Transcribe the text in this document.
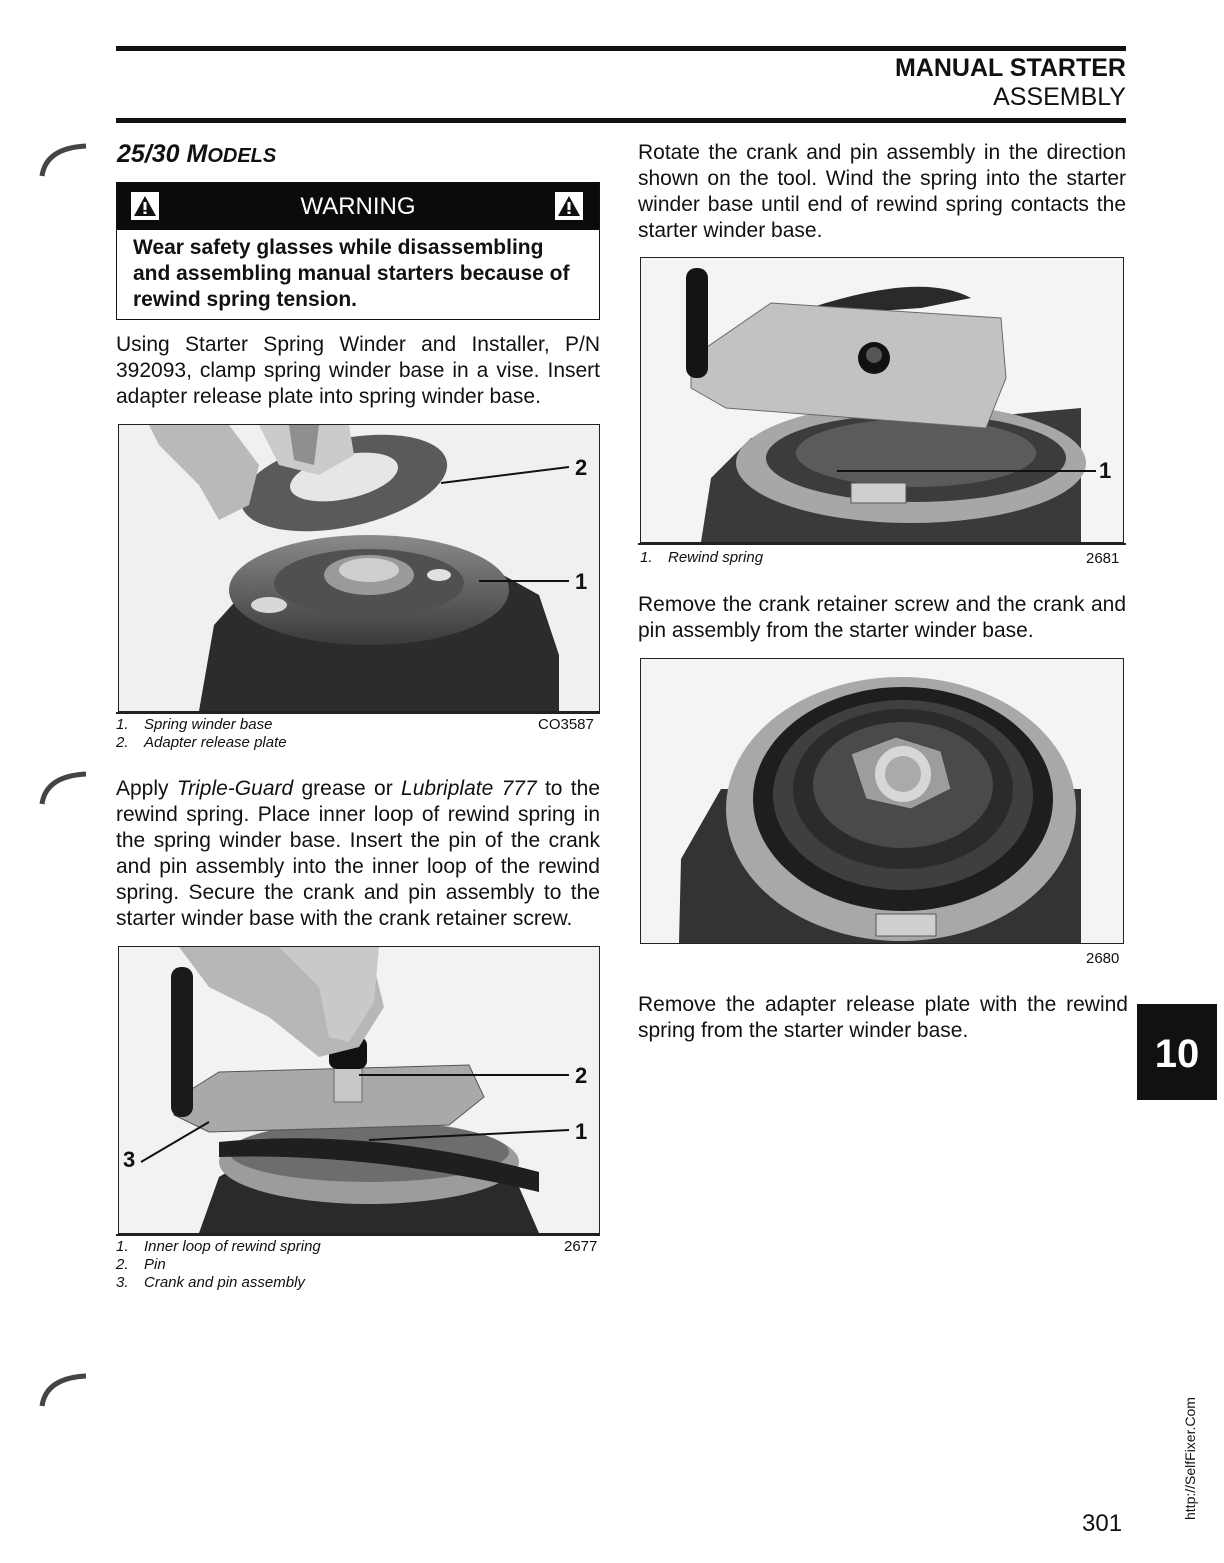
MANUAL STARTER
ASSEMBLY
25/30 MODELS
WARNING
Wear safety glasses while disassembling and assembling manual starters because of rewind spring tension.
Using Starter Spring Winder and Installer, P/N 392093, clamp spring winder base in a vise. Insert adapter release plate into spring winder base.
2
1
1. Spring winder base
2. Adapter release plate
CO3587
Apply Triple-Guard grease or Lubriplate 777 to the rewind spring. Place inner loop of rewind spring in the spring winder base. Insert the pin of the crank and pin assembly into the inner loop of the rewind spring. Secure the crank and pin assembly to the starter winder base with the crank retainer screw.
2
1
3
1. Inner loop of rewind spring
2. Pin
3. Crank and pin assembly
2677
Rotate the crank and pin assembly in the direction shown on the tool. Wind the spring into the starter winder base until end of rewind spring contacts the starter winder base.
1
1. Rewind spring	2681
Remove the crank retainer screw and the crank and pin assembly from the starter winder base.
2680
Remove the adapter release plate with the rewind spring from the starter winder base.
10
301
http://SelfFixer.Com
